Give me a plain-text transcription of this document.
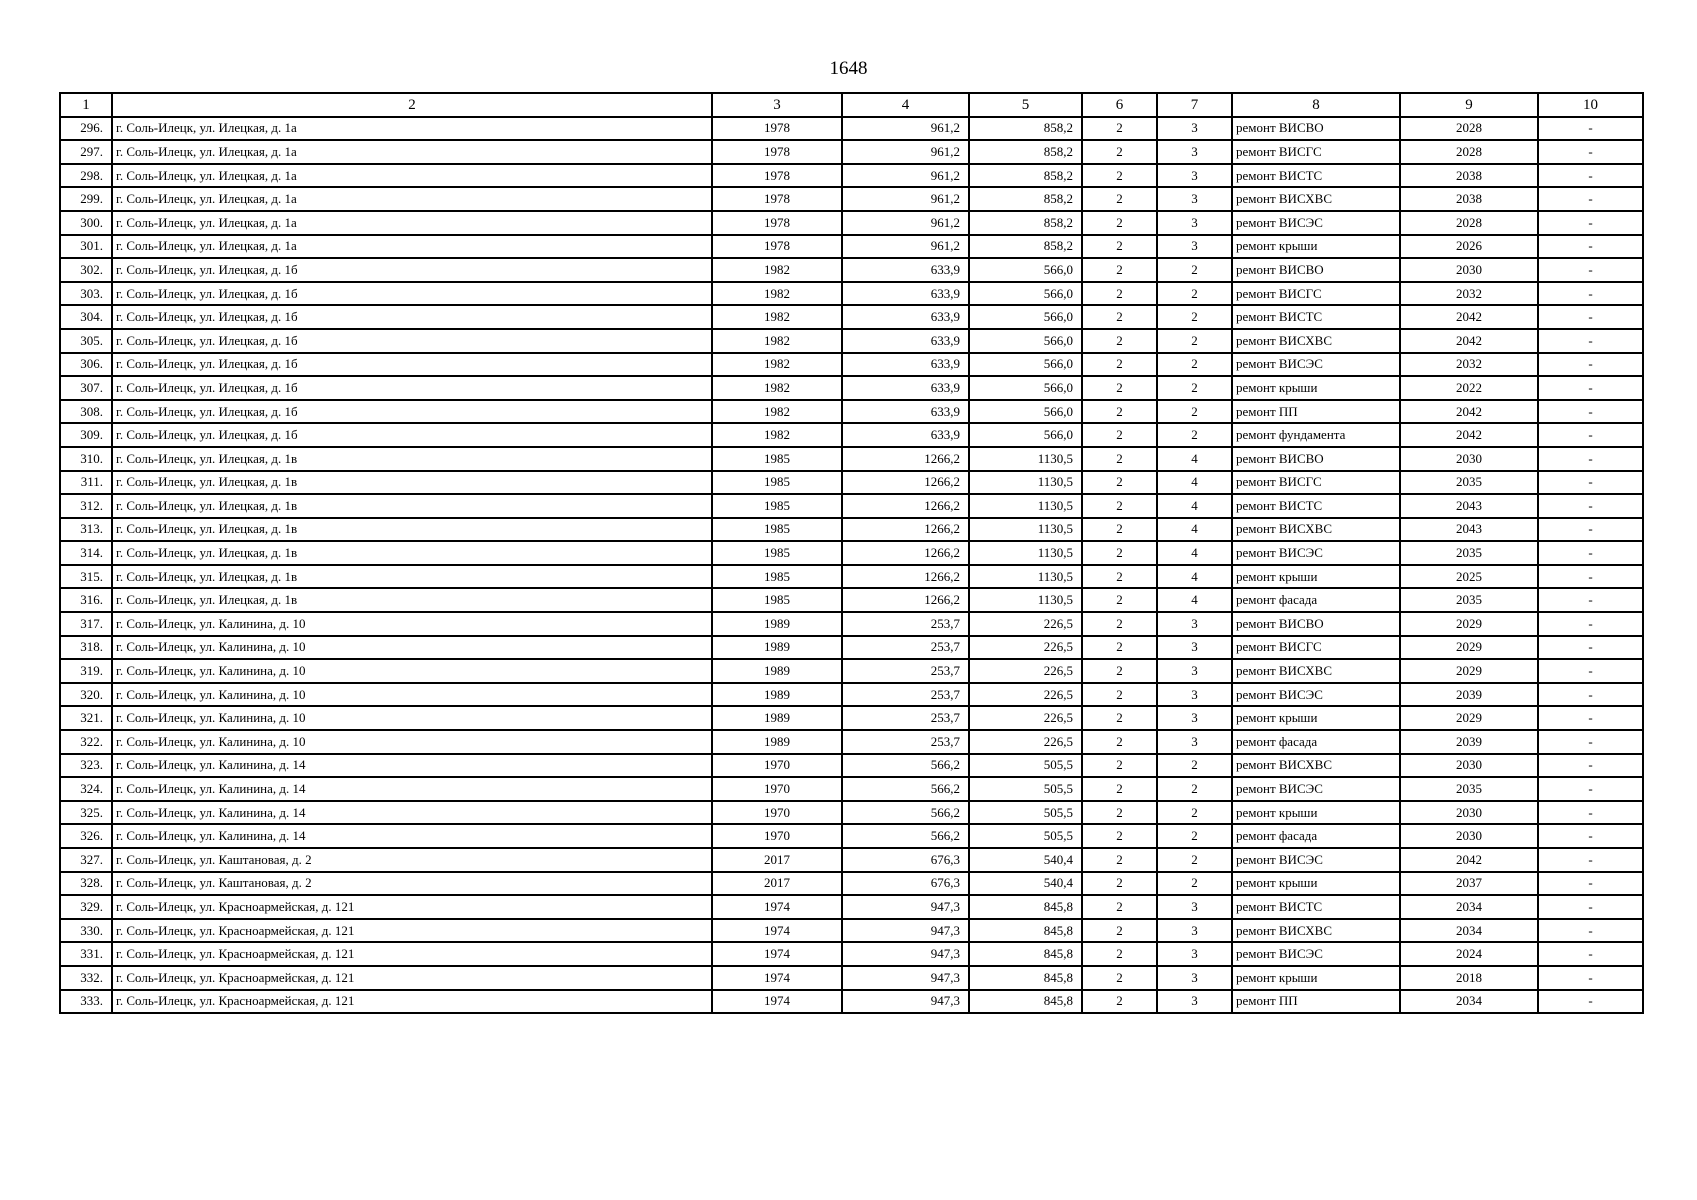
1648
1	2	3	4	5	6	7	8	9	10
296.	г. Соль-Илецк, ул. Илецкая, д. 1а	1978	961,2	858,2	2	3	ремонт ВИСВО	2028	-
297.	г. Соль-Илецк, ул. Илецкая, д. 1а	1978	961,2	858,2	2	3	ремонт ВИСГС	2028	-
298.	г. Соль-Илецк, ул. Илецкая, д. 1а	1978	961,2	858,2	2	3	ремонт ВИСТС	2038	-
299.	г. Соль-Илецк, ул. Илецкая, д. 1а	1978	961,2	858,2	2	3	ремонт ВИСХВС	2038	-
300.	г. Соль-Илецк, ул. Илецкая, д. 1а	1978	961,2	858,2	2	3	ремонт ВИСЭС	2028	-
301.	г. Соль-Илецк, ул. Илецкая, д. 1а	1978	961,2	858,2	2	3	ремонт крыши	2026	-
302.	г. Соль-Илецк, ул. Илецкая, д. 1б	1982	633,9	566,0	2	2	ремонт ВИСВО	2030	-
303.	г. Соль-Илецк, ул. Илецкая, д. 1б	1982	633,9	566,0	2	2	ремонт ВИСГС	2032	-
304.	г. Соль-Илецк, ул. Илецкая, д. 1б	1982	633,9	566,0	2	2	ремонт ВИСТС	2042	-
305.	г. Соль-Илецк, ул. Илецкая, д. 1б	1982	633,9	566,0	2	2	ремонт ВИСХВС	2042	-
306.	г. Соль-Илецк, ул. Илецкая, д. 1б	1982	633,9	566,0	2	2	ремонт ВИСЭС	2032	-
307.	г. Соль-Илецк, ул. Илецкая, д. 1б	1982	633,9	566,0	2	2	ремонт крыши	2022	-
308.	г. Соль-Илецк, ул. Илецкая, д. 1б	1982	633,9	566,0	2	2	ремонт ПП	2042	-
309.	г. Соль-Илецк, ул. Илецкая, д. 1б	1982	633,9	566,0	2	2	ремонт фундамента	2042	-
310.	г. Соль-Илецк, ул. Илецкая, д. 1в	1985	1266,2	1130,5	2	4	ремонт ВИСВО	2030	-
311.	г. Соль-Илецк, ул. Илецкая, д. 1в	1985	1266,2	1130,5	2	4	ремонт ВИСГС	2035	-
312.	г. Соль-Илецк, ул. Илецкая, д. 1в	1985	1266,2	1130,5	2	4	ремонт ВИСТС	2043	-
313.	г. Соль-Илецк, ул. Илецкая, д. 1в	1985	1266,2	1130,5	2	4	ремонт ВИСХВС	2043	-
314.	г. Соль-Илецк, ул. Илецкая, д. 1в	1985	1266,2	1130,5	2	4	ремонт ВИСЭС	2035	-
315.	г. Соль-Илецк, ул. Илецкая, д. 1в	1985	1266,2	1130,5	2	4	ремонт крыши	2025	-
316.	г. Соль-Илецк, ул. Илецкая, д. 1в	1985	1266,2	1130,5	2	4	ремонт фасада	2035	-
317.	г. Соль-Илецк, ул. Калинина, д. 10	1989	253,7	226,5	2	3	ремонт ВИСВО	2029	-
318.	г. Соль-Илецк, ул. Калинина, д. 10	1989	253,7	226,5	2	3	ремонт ВИСГС	2029	-
319.	г. Соль-Илецк, ул. Калинина, д. 10	1989	253,7	226,5	2	3	ремонт ВИСХВС	2029	-
320.	г. Соль-Илецк, ул. Калинина, д. 10	1989	253,7	226,5	2	3	ремонт ВИСЭС	2039	-
321.	г. Соль-Илецк, ул. Калинина, д. 10	1989	253,7	226,5	2	3	ремонт крыши	2029	-
322.	г. Соль-Илецк, ул. Калинина, д. 10	1989	253,7	226,5	2	3	ремонт фасада	2039	-
323.	г. Соль-Илецк, ул. Калинина, д. 14	1970	566,2	505,5	2	2	ремонт ВИСХВС	2030	-
324.	г. Соль-Илецк, ул. Калинина, д. 14	1970	566,2	505,5	2	2	ремонт ВИСЭС	2035	-
325.	г. Соль-Илецк, ул. Калинина, д. 14	1970	566,2	505,5	2	2	ремонт крыши	2030	-
326.	г. Соль-Илецк, ул. Калинина, д. 14	1970	566,2	505,5	2	2	ремонт фасада	2030	-
327.	г. Соль-Илецк, ул. Каштановая, д. 2	2017	676,3	540,4	2	2	ремонт ВИСЭС	2042	-
328.	г. Соль-Илецк, ул. Каштановая, д. 2	2017	676,3	540,4	2	2	ремонт крыши	2037	-
329.	г. Соль-Илецк, ул. Красноармейская, д. 121	1974	947,3	845,8	2	3	ремонт ВИСТС	2034	-
330.	г. Соль-Илецк, ул. Красноармейская, д. 121	1974	947,3	845,8	2	3	ремонт ВИСХВС	2034	-
331.	г. Соль-Илецк, ул. Красноармейская, д. 121	1974	947,3	845,8	2	3	ремонт ВИСЭС	2024	-
332.	г. Соль-Илецк, ул. Красноармейская, д. 121	1974	947,3	845,8	2	3	ремонт крыши	2018	-
333.	г. Соль-Илецк, ул. Красноармейская, д. 121	1974	947,3	845,8	2	3	ремонт ПП	2034	-
